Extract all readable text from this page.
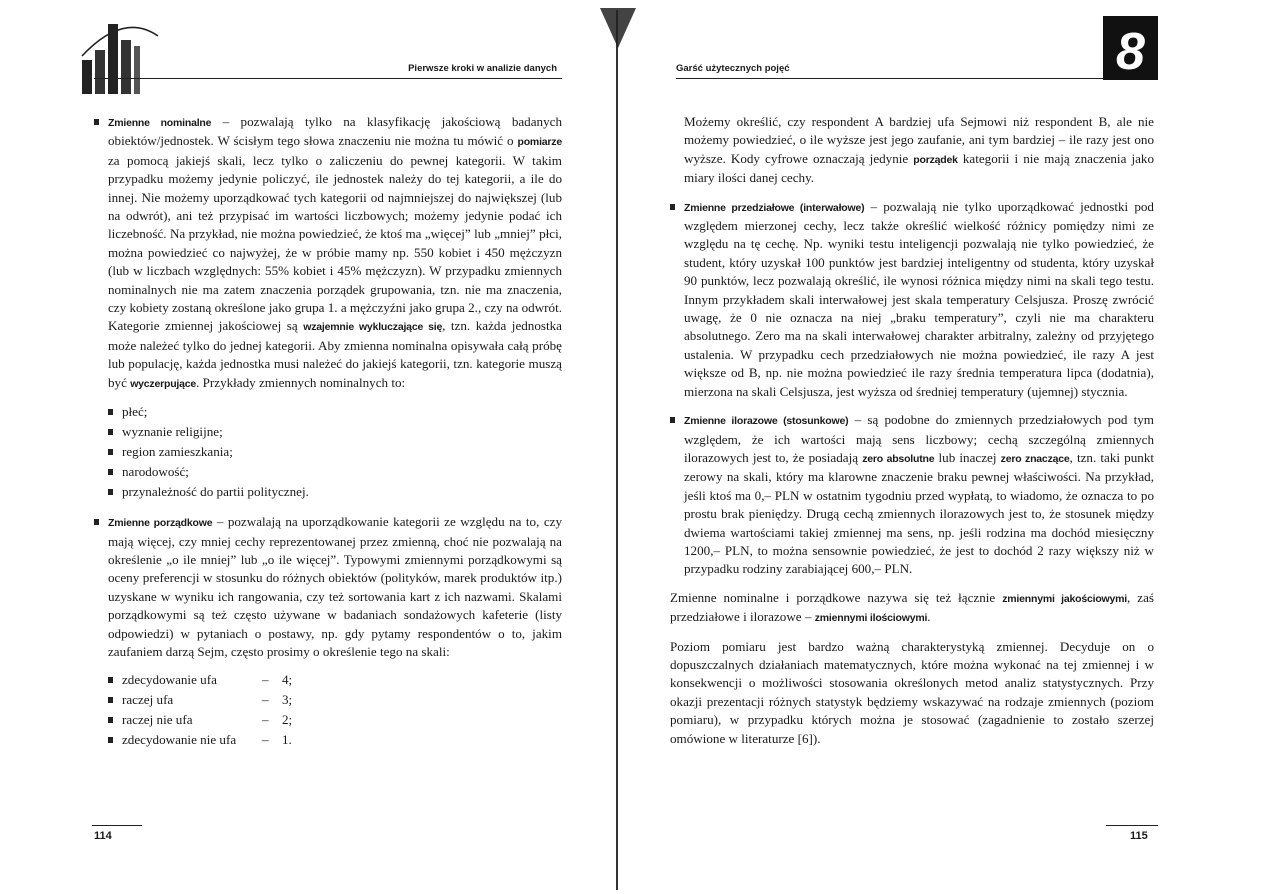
Pierwsze kroki w analizie danych

Zmienne nominalne – pozwalają tylko na klasyfikację jakościową badanych obiektów/jednostek. W ścisłym tego słowa znaczeniu nie można tu mówić o pomiarze za pomocą jakiejś skali, lecz tylko o zaliczeniu do pewnej kategorii. W takim przypadku możemy jedynie policzyć, ile jednostek należy do tej kategorii, a ile do innej. Nie możemy uporządkować tych kategorii od najmniejszej do największej (lub na odwrót), ani też przypisać im wartości liczbowych; możemy jedynie podać ich liczebność. Na przykład, nie można powiedzieć, że ktoś ma „więcej” lub „mniej” płci, można powiedzieć co najwyżej, że w próbie mamy np. 550 kobiet i 450 mężczyzn (lub w liczbach względnych: 55% kobiet i 45% mężczyzn). W przypadku zmiennych nominalnych nie ma zatem znaczenia porządek grupowania, tzn. nie ma znaczenia, czy kobiety zostaną określone jako grupa 1. a mężczyźni jako grupa 2., czy na odwrót. Kategorie zmiennej jakościowej są wzajemnie wykluczające się, tzn. każda jednostka może należeć tylko do jednej kategorii. Aby zmienna nominalna opisywała całą próbę lub populację, każda jednostka musi należeć do jakiejś kategorii, tzn. kategorie muszą być wyczerpujące. Przykłady zmiennych nominalnych to:

płeć;
wyznanie religijne;
region zamieszkania;
narodowość;
przynależność do partii politycznej.

Zmienne porządkowe – pozwalają na uporządkowanie kategorii ze względu na to, czy mają więcej, czy mniej cechy reprezentowanej przez zmienną, choć nie pozwalają na określenie „o ile mniej” lub „o ile więcej”. Typowymi zmiennymi porządkowymi są oceny preferencji w stosunku do różnych obiektów (polityków, marek produktów itp.) uzyskane w wyniku ich rangowania, czy też sortowania kart z ich nazwami. Skalami porządkowymi są też często używane w badaniach sondażowych kafeterie (listy odpowiedzi) w pytaniach o postawy, np. gdy pytamy respondentów o to, jakim zaufaniem darzą Sejm, często prosimy o określenie tego na skali:

zdecydowanie ufa	–	4;
raczej ufa	–	3;
raczej nie ufa	–	2;
zdecydowanie nie ufa	–	1.
114
Garść użytecznych pojęć	8

Możemy określić, czy respondent A bardziej ufa Sejmowi niż respondent B, ale nie możemy powiedzieć, o ile wyższe jest jego zaufanie, ani tym bardziej – ile razy jest ono wyższe. Kody cyfrowe oznaczają jedynie porządek kategorii i nie mają znaczenia jako miary ilości danej cechy.

Zmienne przedziałowe (interwałowe) – pozwalają nie tylko uporządkować jednostki pod względem mierzonej cechy, lecz także określić wielkość różnicy pomiędzy nimi ze względu na tę cechę. Np. wyniki testu inteligencji pozwalają nie tylko powiedzieć, że student, który uzyskał 100 punktów jest bardziej inteligentny od studenta, który uzyskał 90 punktów, lecz pozwalają określić, ile wynosi różnica między nimi na skali tego testu. Innym przykładem skali interwałowej jest skala temperatury Celsjusza. Proszę zwrócić uwagę, że 0 nie oznacza na niej „braku temperatury”, czyli nie ma charakteru absolutnego. Zero ma na skali interwałowej charakter arbitralny, zależny od przyjętego ustalenia. W przypadku cech przedziałowych nie można powiedzieć, ile razy A jest większe od B, np. nie można powiedzieć ile razy średnia temperatura lipca (dodatnia), mierzona na skali Celsjusza, jest wyższa od średniej temperatury (ujemnej) stycznia.

Zmienne ilorazowe (stosunkowe) – są podobne do zmiennych przedziałowych pod tym względem, że ich wartości mają sens liczbowy; cechą szczególną zmiennych ilorazowych jest to, że posiadają zero absolutne lub inaczej zero znaczące, tzn. taki punkt zerowy na skali, który ma klarowne znaczenie braku pewnej właściwości. Na przykład, jeśli ktoś ma 0,– PLN w ostatnim tygodniu przed wypłatą, to wiadomo, że oznacza to po prostu brak pieniędzy. Drugą cechą zmiennych ilorazowych jest to, że stosunek między dwiema wartościami takiej zmiennej ma sens, np. jeśli rodzina ma dochód miesięczny 1200,– PLN, to można sensownie powiedzieć, że jest to dochód 2 razy większy niż w przypadku rodziny zarabiającej 600,– PLN.

Zmienne nominalne i porządkowe nazywa się też łącznie zmiennymi jakościowymi, zaś przedziałowe i ilorazowe – zmiennymi ilościowymi.

Poziom pomiaru jest bardzo ważną charakterystyką zmiennej. Decyduje on o dopuszczalnych działaniach matematycznych, które można wykonać na tej zmiennej i w konsekwencji o możliwości stosowania określonych metod analiz statystycznych. Przy okazji prezentacji różnych statystyk będziemy wskazywać na rodzaje zmiennych (poziom pomiaru), w przypadku których można je stosować (zagadnienie to zostało szerzej omówione w literaturze [6]).

115
